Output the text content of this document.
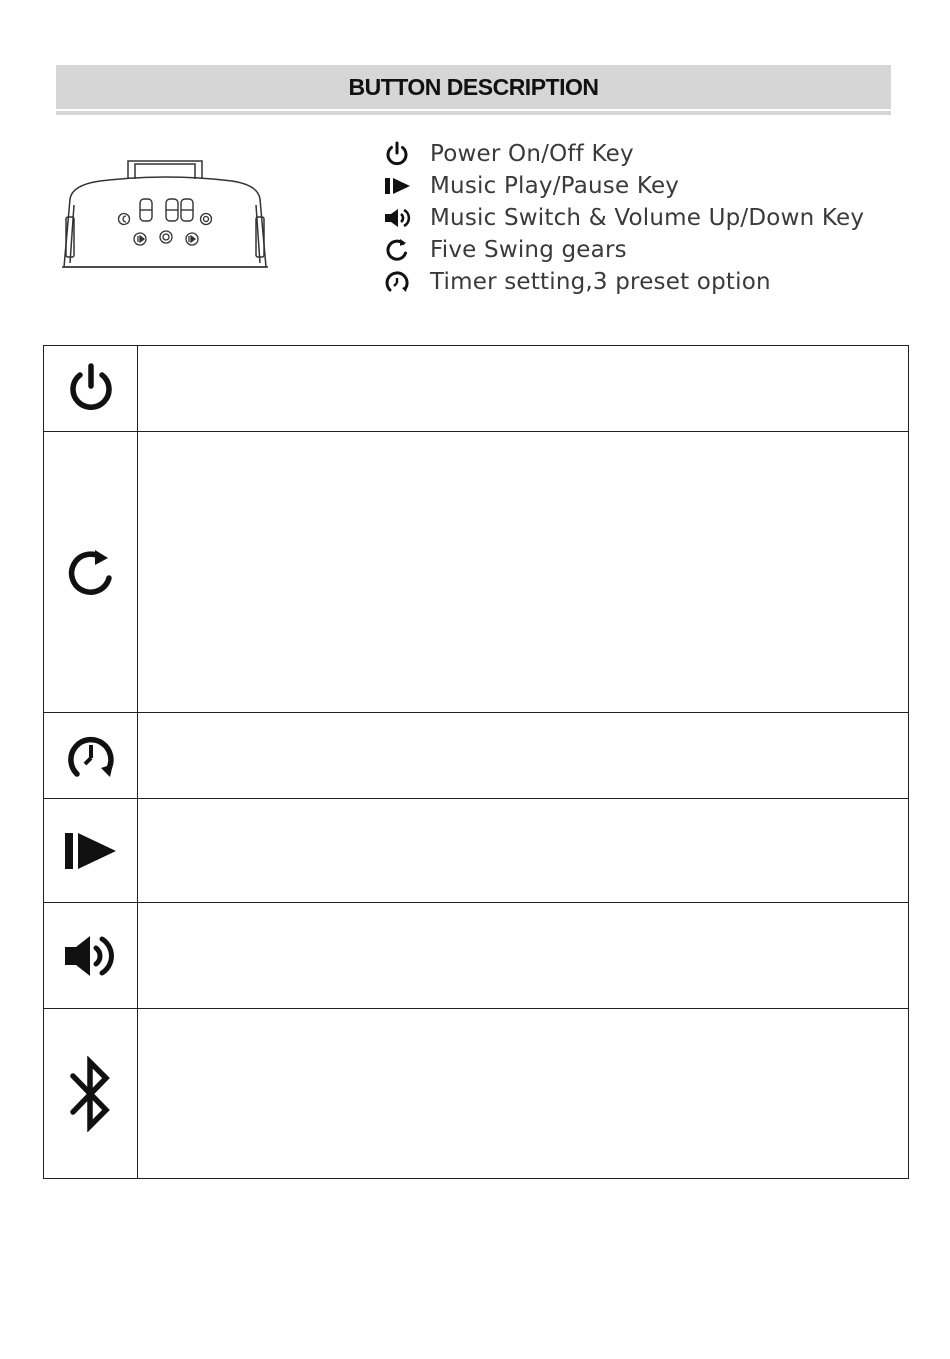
BUTTON DESCRIPTION
Power On/Off Key
Music Play/Pause Key
Music Switch & Volume Up/Down Key
Five Swing gears
Timer setting,3 preset option
